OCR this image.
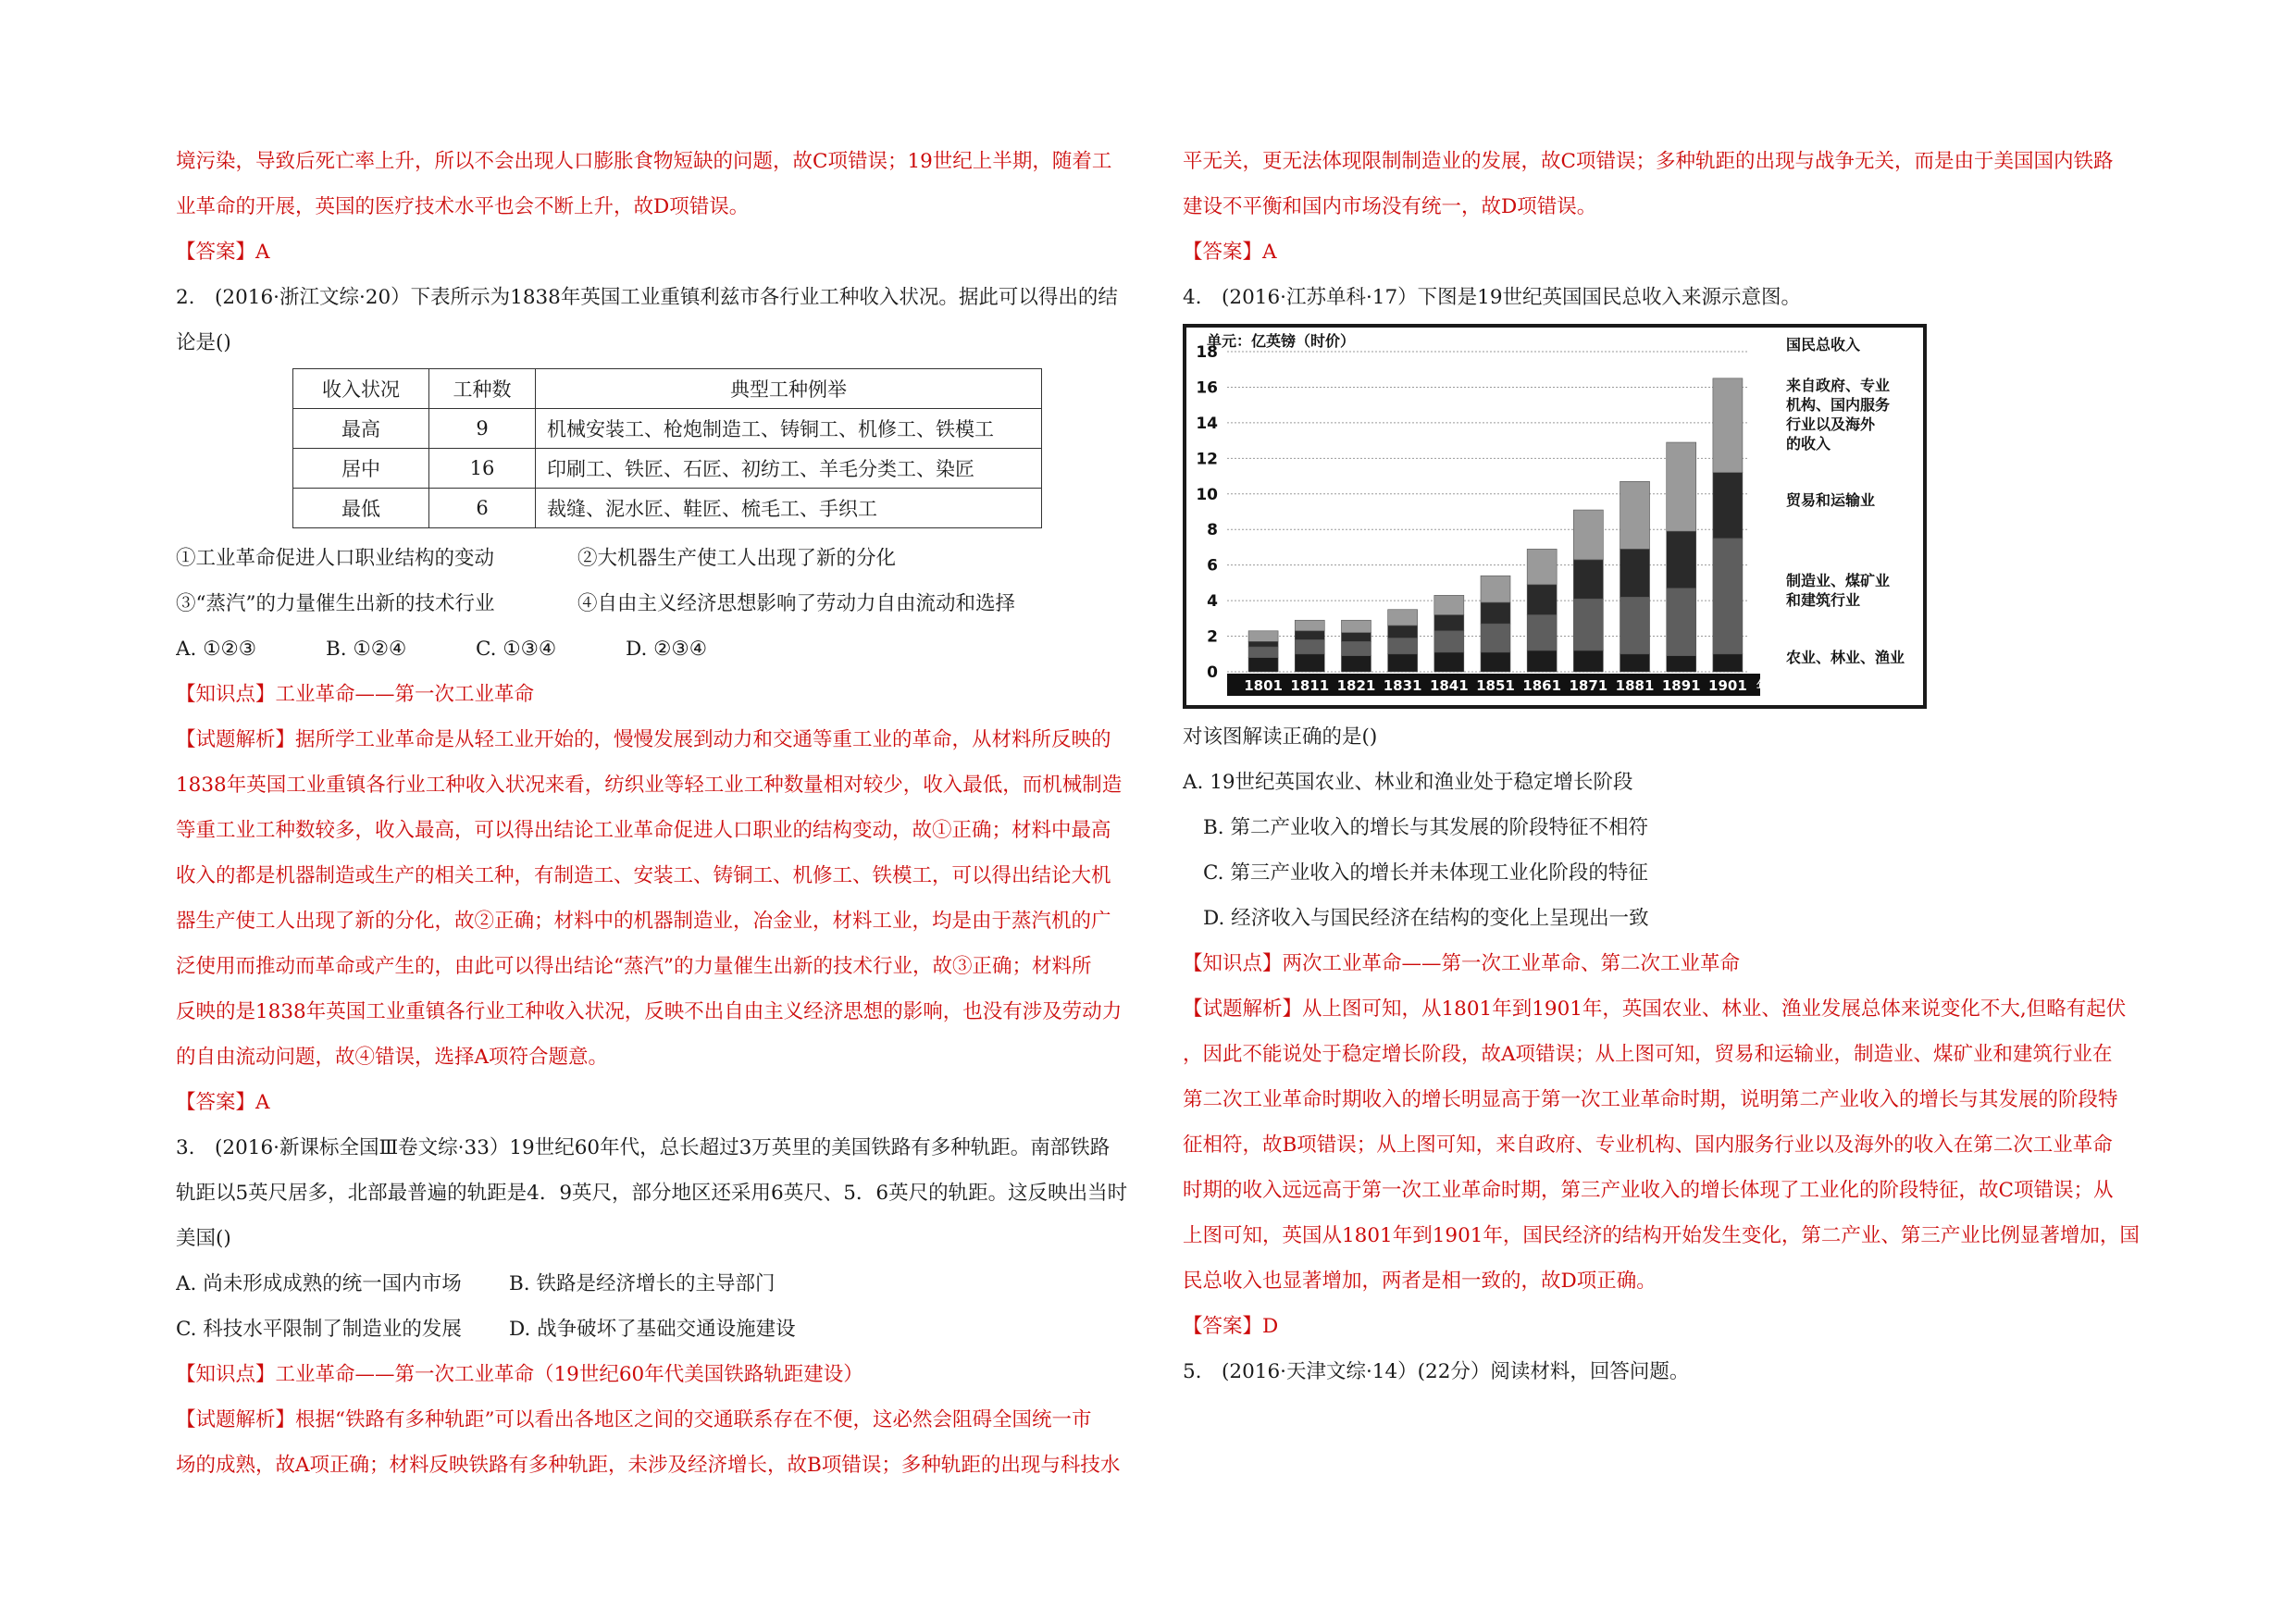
境污染，导致后死亡率上升，所以不会出现人口膨胀食物短缺的问题，故C项错误；19世纪上半期，随着工
业革命的开展，英国的医疗技术水平也会不断上升，故D项错误。
【答案】A
2.　(2016·浙江文综·20）下表所示为1838年英国工业重镇利兹市各行业工种收入状况。据此可以得出的结
论是()
收入状况	工种数	典型工种例举
最高	9	机械安装工、枪炮制造工、铸铜工、机修工、铁模工
居中	16	印刷工、铁匠、石匠、初纺工、羊毛分类工、染匠
最低	6	裁缝、泥水匠、鞋匠、梳毛工、手织工
①工业革命促进人口职业结构的变动	②大机器生产使工人出现了新的分化
③“蒸汽”的力量催生出新的技术行业	④自由主义经济思想影响了劳动力自由流动和选择
A. ①②③	B. ①②④	C. ①③④	D. ②③④
【知识点】工业革命——第一次工业革命
【试题解析】据所学工业革命是从轻工业开始的，慢慢发展到动力和交通等重工业的革命，从材料所反映的
1838年英国工业重镇各行业工种收入状况来看，纺织业等轻工业工种数量相对较少，收入最低，而机械制造
等重工业工种数较多，收入最高，可以得出结论工业革命促进人口职业的结构变动，故①正确；材料中最高
收入的都是机器制造或生产的相关工种，有制造工、安装工、铸铜工、机修工、铁模工，可以得出结论大机
器生产使工人出现了新的分化，故②正确；材料中的机器制造业，冶金业，材料工业，均是由于蒸汽机的广
泛使用而推动而革命或产生的，由此可以得出结论“蒸汽”的力量催生出新的技术行业，故③正确；材料所
反映的是1838年英国工业重镇各行业工种收入状况，反映不出自由主义经济思想的影响，也没有涉及劳动力
的自由流动问题，故④错误，选择A项符合题意。
【答案】A
3.　(2016·新课标全国Ⅲ卷文综·33）19世纪60年代，总长超过3万英里的美国铁路有多种轨距。南部铁路
轨距以5英尺居多，北部最普遍的轨距是4．9英尺，部分地区还采用6英尺、5．6英尺的轨距。这反映出当时
美国()
A. 尚未形成成熟的统一国内市场	B. 铁路是经济增长的主导部门
C. 科技水平限制了制造业的发展	D. 战争破坏了基础交通设施建设
【知识点】工业革命——第一次工业革命（19世纪60年代美国铁路轨距建设）
【试题解析】根据“铁路有多种轨距”可以看出各地区之间的交通联系存在不便，这必然会阻碍全国统一市
场的成熟，故A项正确；材料反映铁路有多种轨距，未涉及经济增长，故B项错误；多种轨距的出现与科技水
平无关，更无法体现限制制造业的发展，故C项错误；多种轨距的出现与战争无关，而是由于美国国内铁路
建设不平衡和国内市场没有统一，故D项错误。
【答案】A
4.　(2016·江苏单科·17）下图是19世纪英国国民总收入来源示意图。
单元：亿英镑（时价）
0
2
4
6
8
10
12
14
16
18
1801 1811 1821 1831 1841 1851 1861 1871 1881 1891 1901 年
国民总收入
来自政府、专业
机构、国内服务
行业以及海外
的收入
贸易和运输业
制造业、煤矿业
和建筑行业
农业、林业、渔业
对该图解读正确的是()
A. 19世纪英国农业、林业和渔业处于稳定增长阶段
B. 第二产业收入的增长与其发展的阶段特征不相符
C. 第三产业收入的增长并未体现工业化阶段的特征
D. 经济收入与国民经济在结构的变化上呈现出一致
【知识点】两次工业革命——第一次工业革命、第二次工业革命
【试题解析】从上图可知，从1801年到1901年，英国农业、林业、渔业发展总体来说变化不大,但略有起伏
，因此不能说处于稳定增长阶段，故A项错误；从上图可知，贸易和运输业，制造业、煤矿业和建筑行业在
第二次工业革命时期收入的增长明显高于第一次工业革命时期，说明第二产业收入的增长与其发展的阶段特
征相符，故B项错误；从上图可知，来自政府、专业机构、国内服务行业以及海外的收入在第二次工业革命
时期的收入远远高于第一次工业革命时期，第三产业收入的增长体现了工业化的阶段特征，故C项错误；从
上图可知，英国从1801年到1901年，国民经济的结构开始发生变化，第二产业、第三产业比例显著增加，国
民总收入也显著增加，两者是相一致的，故D项正确。
【答案】D
5.　(2016·天津文综·14）(22分）阅读材料，回答问题。
